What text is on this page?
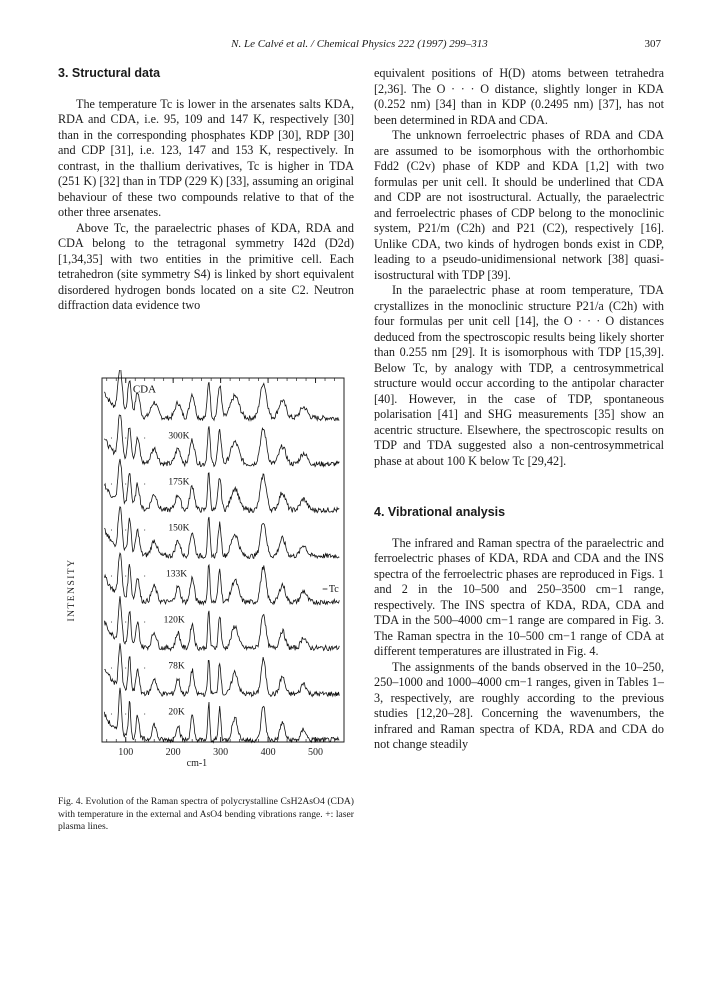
N. Le Calvé et al. / Chemical Physics 222 (1997) 299–313	307
3. Structural data

The temperature Tc is lower in the arsenates salts KDA, RDA and CDA, i.e. 95, 109 and 147 K, respectively [30] than in the corresponding phosphates KDP [30], RDP [30] and CDP [31], i.e. 123, 147 and 153 K, respectively. In contrast, in the thallium derivatives, Tc is higher in TDA (251 K) [32] than in TDP (229 K) [33], assuming an original behaviour of these two compounds relative to that of the other three arsenates.

Above Tc, the paraelectric phases of KDA, RDA and CDA belong to the tetragonal symmetry I42d (D2d) [1,34,35] with two entities in the primitive cell. Each tetrahedron (site symmetry S4) is linked by short equivalent disordered hydrogen bonds located on a site C2. Neutron diffraction data evidence two

100	200	300	400	500
cm-1
INTENSITY
CDA
300K
· · ·
175K
· · ·
150K
· · ·
133K
· · ·
120K
· · ·
78K
· · ·
20K
· · ·
Tc
Fig. 4. Evolution of the Raman spectra of polycrystalline CsH2AsO4 (CDA) with temperature in the external and AsO4 bending vibrations range. +: laser plasma lines.

equivalent positions of H(D) atoms between tetrahedra [2,36]. The O · · · O distance, slightly longer in KDA (0.252 nm) [34] than in KDP (0.2495 nm) [37], has not been determined in RDA and CDA.

The unknown ferroelectric phases of RDA and CDA are assumed to be isomorphous with the orthorhombic Fdd2 (C2v) phase of KDP and KDA [1,2] with two formulas per unit cell. It should be underlined that CDA and CDP are not isostructural. Actually, the paraelectric and ferroelectric phases of CDP belong to the monoclinic system, P21/m (C2h) and P21 (C2), respectively [16]. Unlike CDA, two kinds of hydrogen bonds exist in CDP, leading to a pseudo-unidimensional network [38] quasi-isostructural with TDP [39].

In the paraelectric phase at room temperature, TDA crystallizes in the monoclinic structure P21/a (C2h) with four formulas per unit cell [14], the O · · · O distances deduced from the spectroscopic results being likely shorter than 0.255 nm [29]. It is isomorphous with TDP [15,39]. Below Tc, by analogy with TDP, a centrosymmetrical structure would occur according to the antipolar character [40]. However, in the case of TDP, spontaneous polarisation [41] and SHG measurements [35] show an acentric structure. Elsewhere, the spectroscopic results on TDP and TDA suggested also a non-centrosymmetrical phase at about 100 K below Tc [29,42].

4. Vibrational analysis

The infrared and Raman spectra of the paraelectric and ferroelectric phases of KDA, RDA and CDA and the INS spectra of the ferroelectric phases are reproduced in Figs. 1 and 2 in the 10–500 and 250–3500 cm−1 range, respectively. The INS spectra of KDA, RDA, CDA and TDA in the 500–4000 cm−1 range are compared in Fig. 3. The Raman spectra in the 10–500 cm−1 range of CDA at different temperatures are illustrated in Fig. 4.

The assignments of the bands observed in the 10–250, 250–1000 and 1000–4000 cm−1 ranges, given in Tables 1–3, respectively, are roughly according to the previous studies [12,20–28]. Concerning the wavenumbers, the infrared and Raman spectra of KDA, RDA and CDA do not change steadily
